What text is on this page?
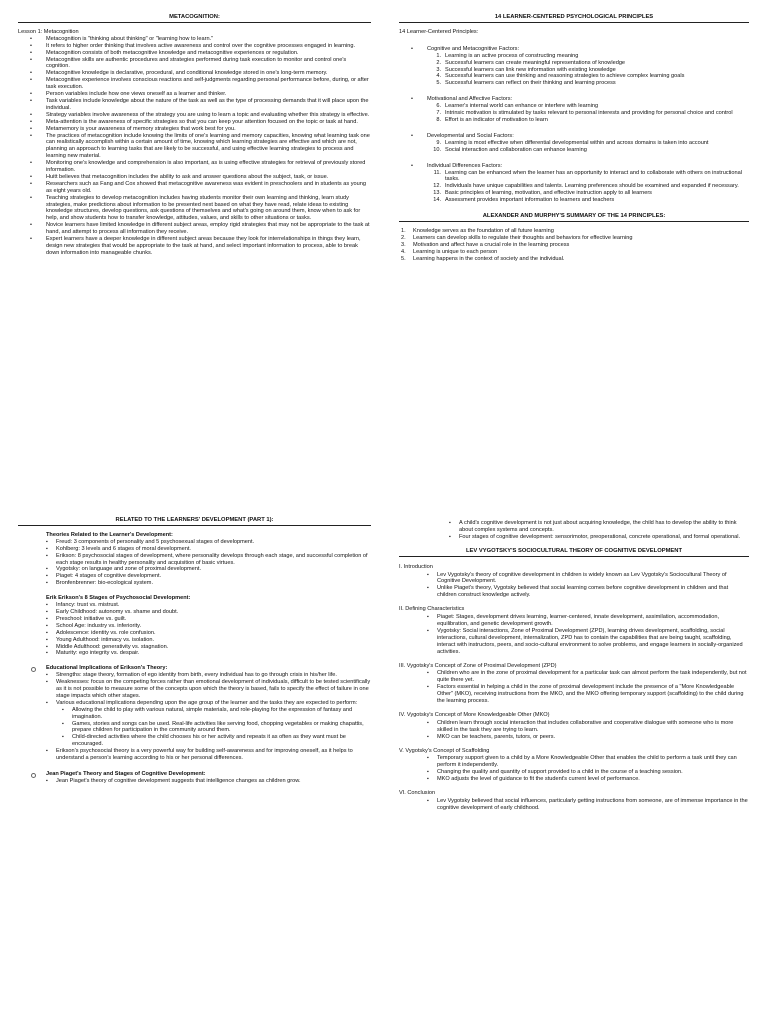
METACOGNITION:

Lesson 1: Metacognition

• Metacognition is "thinking about thinking" or "learning how to learn."
• It refers to higher order thinking that involves active awareness and control over the cognitive processes engaged in learning.
• Metacognition consists of both metacognitive knowledge and metacognitive experiences or regulation.
• Metacognitive skills are authentic procedures and strategies performed during task execution to monitor and control one's cognition.
• Metacognitive knowledge is declarative, procedural, and conditional knowledge stored in one's long-term memory.
• Metacognitive experience involves conscious reactions and self-judgments regarding personal performance before, during, or after task execution.
• Person variables include how one views oneself as a learner and thinker.
• Task variables include knowledge about the nature of the task as well as the type of processing demands that it will place upon the individual.
• Strategy variables involve awareness of the strategy you are using to learn a topic and evaluating whether this strategy is effective.
• Meta-attention is the awareness of specific strategies so that you can keep your attention focused on the topic or task at hand.
• Metamemory is your awareness of memory strategies that work best for you.
• The practices of metacognition include knowing the limits of one's learning and memory capacities, knowing what learning task one can realistically accomplish within a certain amount of time, knowing which learning strategies are effective and which are not, planning an approach to learning tasks that are likely to be successful, and using effective learning strategies to process and learning new material.
• Monitoring one's knowledge and comprehension is also important, as is using effective strategies for retrieval of previously stored information.
• Huitt believes that metacognition includes the ability to ask and answer questions about the subject, task, or issue.
• Researchers such as Fang and Cox showed that metacognitive awareness was evident in preschoolers and in students as young as eight years old.
• Teaching strategies to develop metacognition includes having students monitor their own learning and thinking, learn study strategies, make predictions about information to be presented next based on what they have read, relate ideas to existing knowledge structures, develop questions, ask questions of themselves and what's going on around them, know when to ask for help, and show students how to transfer knowledge, attitudes, values, and skills to other situations or tasks.
• Novice learners have limited knowledge in different subject areas, employ rigid strategies that may not be appropriate to the task at hand, and attempt to process all information they receive.
• Expert learners have a deeper knowledge in different subject areas because they look for interrelationships in things they learn, design new strategies that would be appropriate to the task at hand, and select important information to process, able to break down information into manageable chunks.
14 LEARNER-CENTERED PSYCHOLOGICAL PRINCIPLES

14 Learner-Centered Principles:

• Cognitive and Metacognitive Factors:

1. Learning is an active process of constructing meaning
2. Successful learners can create meaningful representations of knowledge
3. Successful learners can link new information with existing knowledge
4. Successful learners can use thinking and reasoning strategies to achieve complex learning goals
5. Successful learners can reflect on their thinking and learning process

• Motivational and Affective Factors:

6. Learner's internal world can enhance or interfere with learning
7. Intrinsic motivation is stimulated by tasks relevant to personal interests and providing for personal choice and control
8. Effort is an indicator of motivation to learn

• Developmental and Social Factors:

9. Learning is most effective when differential developmental within and across domains is taken into account
10. Social interaction and collaboration can enhance learning

• Individual Differences Factors:

11. Learning can be enhanced when the learner has an opportunity to interact and to collaborate with others on instructional tasks.
12. Individuals have unique capabilities and talents. Learning preferences should be examined and expanded if necessary.
13. Basic principles of learning, motivation, and effective instruction apply to all learners
14. Assessment provides important information to learners and teachers
ALEXANDER AND MURPHY'S SUMMARY OF THE 14 PRINCIPLES:
1. Knowledge serves as the foundation of all future learning
2. Learners can develop skills to regulate their thoughts and behaviors for effective learning
3. Motivation and affect have a crucial role in the learning process
4. Learning is unique to each person
5. Learning happens in the context of society and the individual.
RELATED TO THE LEARNERS' DEVELOPMENT (PART 1):

Theories Related to the Learner's Development:

▪ Freud: 3 components of personality and 5 psychosexual stages of development.
▪ Kohlberg: 3 levels and 6 stages of moral development.
▪ Erikson: 8 psychosocial stages of development, where personality develops through each stage, and successful completion of each stage results in healthy personality and acquisition of basic virtues.
▪ Vygotsky: on language and zone of proximal development.
▪ Piaget: 4 stages of cognitive development.
▪ Bronfenbrenner: bio-ecological system.

Erik Erikson's 8 Stages of Psychosocial Development:

▪ Infancy: trust vs. mistrust.
▪ Early Childhood: autonomy vs. shame and doubt.
▪ Preschool: initiative vs. guilt.
▪ School Age: industry vs. inferiority.
▪ Adolescence: identity vs. role confusion.
▪ Young Adulthood: intimacy vs. isolation.
▪ Middle Adulthood: generativity vs. stagnation.
▪ Maturity: ego integrity vs. despair.

Educational Implications of Erikson's Theory:

▪ Strengths: stage theory, formation of ego identity from birth, every individual has to go through crisis in his/her life.
▪ Weaknesses: focus on the competing forces rather than emotional development of individuals, difficult to be tested scientifically as it is not possible to measure some of the concepts upon which the theory is based, fails to specify the effect of failure in one stage impacts which other stages.
▪ Various educational implications depending upon the age group of the learner and the tasks they are expected to perform:
▪ Allowing the child to play with various natural, simple materials, and role-playing for the expression of fantasy and imagination.
▪ Games, stories and songs can be used. Real-life activities like serving food, chopping vegetables or making chapattis, prepare children for participation in the community around them.
▪ Child-directed activities where the child chooses his or her activity and repeats it as often as they want must be encouraged.
▪ Erikson's psychosocial theory is a very powerful way for building self-awareness and for improving oneself, as it helps to understand a person's learning according to his or her personal differences.

Jean Piaget's Theory and Stages of Cognitive Development:

▪ Jean Piaget's theory of cognitive development suggests that intelligence changes as children grow.
▪ A child's cognitive development is not just about acquiring knowledge, the child has to develop the ability to think about complex systems and concepts.
▪ Four stages of cognitive development: sensorimotor, preoperational, concrete operational, and formal operational.
LEV VYGOTSKY'S SOCIOCULTURAL THEORY OF COGNITIVE DEVELOPMENT

I. Introduction

▪ Lev Vygotsky's theory of cognitive development in children is widely known as Lev Vygotsky's Sociocultural Theory of Cognitive Development.
▪ Unlike Piaget's theory, Vygotsky believed that social learning comes before cognitive development in children and that children construct knowledge actively.

II. Defining Characteristics

▪ Piaget: Stages, development drives learning, learner-centered, innate development, assimilation, accommodation, equilibration, and genetic development growth.
▪ Vygotsky: Social interactions, Zone of Proximal Development (ZPD), learning drives development, scaffolding, social interactions, cultural development, internalization, ZPD has to contain the capabilities that are being taught, scaffolding, interact with instructors, peers, and socio-cultural environment to solve problems, and engage learners in socially-organized activities.

III. Vygotsky's Concept of Zone of Proximal Development (ZPD)

▪ Children who are in the zone of proximal development for a particular task can almost perform the task independently, but not quite there yet.
▪ Factors essential in helping a child in the zone of proximal development include the presence of a "More Knowledgeable Other" (MKO), receiving instructions from the MKO, and the MKO offering temporary support (scaffolding) to the child during the learning process.

IV. Vygotsky's Concept of More Knowledgeable Other (MKO)

▪ Children learn through social interaction that includes collaborative and cooperative dialogue with someone who is more skilled in the task they are trying to learn.
▪ MKO can be teachers, parents, tutors, or peers.

V. Vygotsky's Concept of Scaffolding

▪ Temporary support given to a child by a More Knowledgeable Other that enables the child to perform a task until they can perform it independently.
▪ Changing the quality and quantity of support provided to a child in the course of a teaching session.
▪ MKO adjusts the level of guidance to fit the student's current level of performance.

VI. Conclusion

▪ Lev Vygotsky believed that social influences, particularly getting instructions from someone, are of immense importance in the cognitive development of early childhood.
